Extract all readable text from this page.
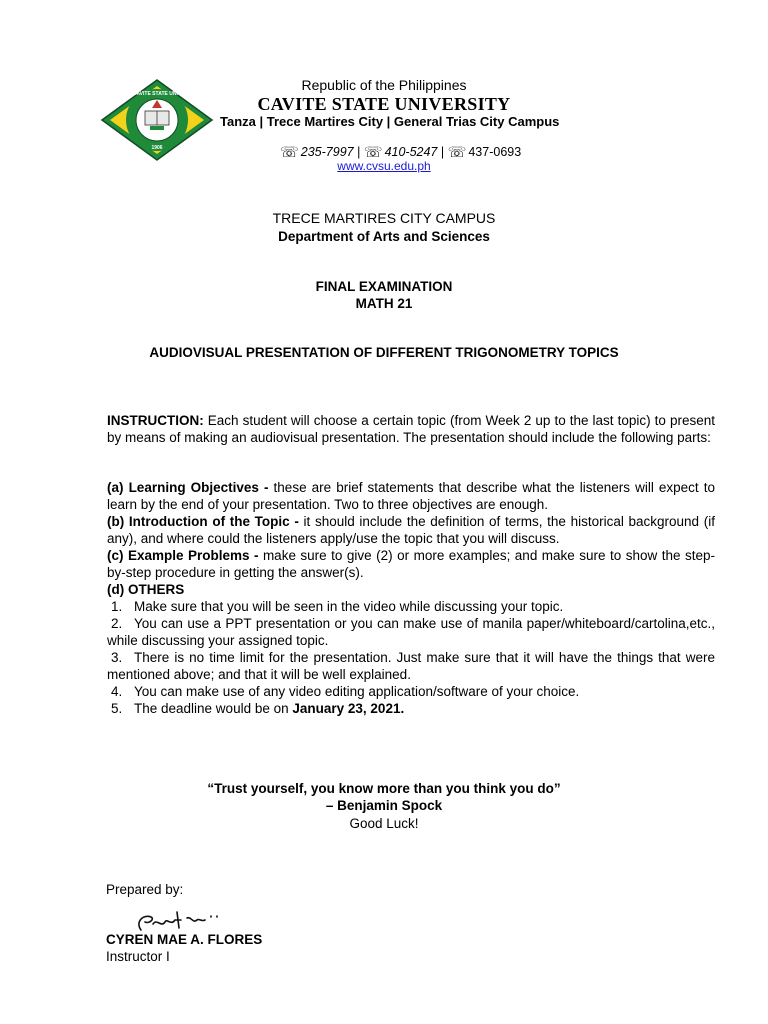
CAVITE STATE UNIV
1906
Republic of the Philippines
CAVITE STATE UNIVERSITY
Tanza | Trece Martires City | General Trias City Campus
☏ 235-7997 | ☏ 410-5247 | ☏ 437-0693
www.cvsu.edu.ph
TRECE MARTIRES CITY CAMPUS
Department of Arts and Sciences
FINAL EXAMINATION
MATH 21
AUDIOVISUAL PRESENTATION OF DIFFERENT TRIGONOMETRY TOPICS
INSTRUCTION: Each student will choose a certain topic (from Week 2 up to the last topic) to present by means of making an audiovisual presentation. The presentation should include the following parts:

(a) Learning Objectives - these are brief statements that describe what the listeners will expect to learn by the end of your presentation. Two to three objectives are enough.

(b) Introduction of the Topic - it should include the definition of terms, the historical background (if any), and where could the listeners apply/use the topic that you will discuss.

(c) Example Problems - make sure to give (2) or more examples; and make sure to show the step-by-step procedure in getting the answer(s).

(d) OTHERS

1. Make sure that you will be seen in the video while discussing your topic.
2. You can use a PPT presentation or you can make use of manila paper/whiteboard/cartolina,etc., while discussing your assigned topic.
3. There is no time limit for the presentation. Just make sure that it will have the things that were mentioned above; and that it will be well explained.
4. You can make use of any video editing application/software of your choice.
5. The deadline would be on January 23, 2021.
“Trust yourself, you know more than you think you do”
– Benjamin Spock
Good Luck!
Prepared by:
CYREN MAE A. FLORES
Instructor I
